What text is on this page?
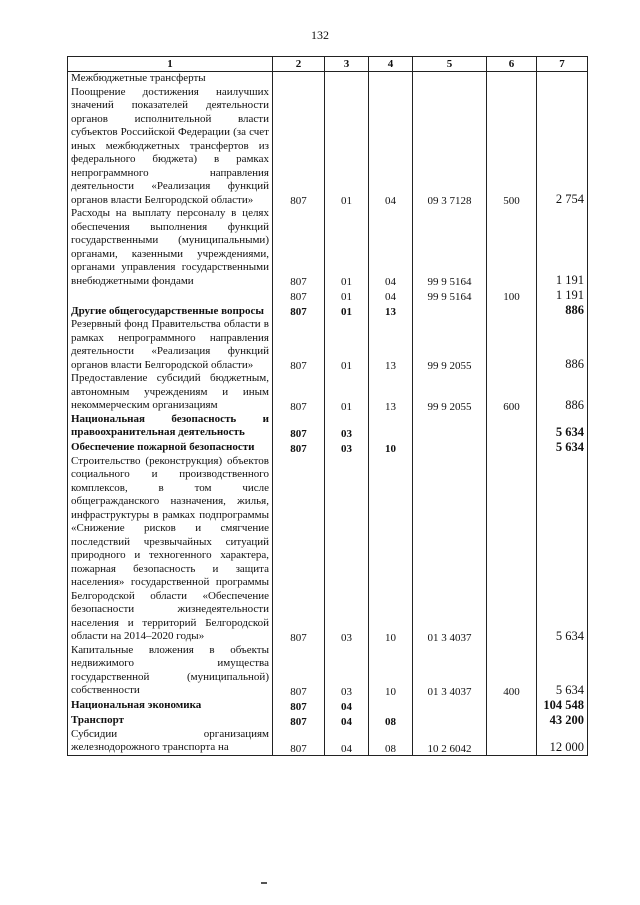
132
1	2	3	4	5	6	7
Межбюджетные трансферты
Поощрение достижения наилучших значений показателей деятельности органов исполнительной власти субъектов Российской Федерации (за счет иных межбюджетных трансфертов из федерального бюджета) в рамках непрограммного направления деятельности «Реализация функций органов власти Белгородской области»	807	01	04	09 3 7128	500	2 754
Расходы на выплату персоналу в целях обеспечения выполнения функций государственными (муниципальными) органами, казенными учреждениями, органами управления государственными внебюджетными фондами	807	01	04	99 9 5164		1 191
	807	01	04	99 9 5164	100	1 191
Другие общегосударственные вопросы	807	01	13			886
Резервный фонд Правительства области в рамках непрограммного направления деятельности «Реализация функций органов власти Белгородской области»	807	01	13	99 9 2055		886
Предоставление субсидий бюджетным, автономным учреждениям и иным некоммерческим организациям	807	01	13	99 9 2055	600	886
Национальная безопасность и правоохранительная деятельность	807	03				5 634
Обеспечение пожарной безопасности	807	03	10			5 634
Строительство (реконструкция) объектов социального и производственного комплексов, в том числе общегражданского назначения, жилья, инфраструктуры в рамках подпрограммы «Снижение рисков и смягчение последствий чрезвычайных ситуаций природного и техногенного характера, пожарная безопасность и защита населения» государственной программы Белгородской области «Обеспечение безопасности жизнедеятельности населения и территорий Белгородской области на 2014–2020 годы»	807	03	10	01 3 4037		5 634
Капитальные вложения в объекты недвижимого имущества государственной (муниципальной) собственности	807	03	10	01 3 4037	400	5 634
Национальная экономика	807	04				104 548
Транспорт	807	04	08			43 200
Субсидии организациям железнодорожного транспорта на	807	04	08	10 2 6042		12 000
